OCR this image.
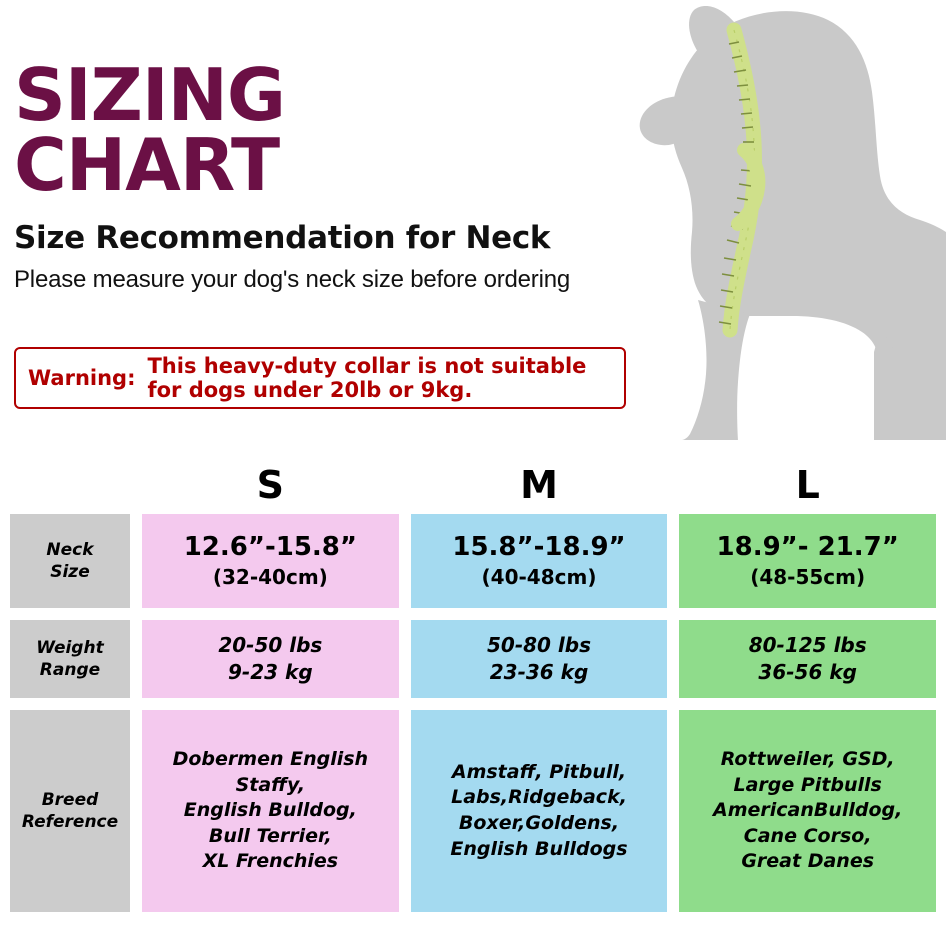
SIZING
CHART
Size Recommendation for Neck
Please measure your dog's neck size before ordering
Warning:
This heavy-duty collar is not suitable
for dogs under 20lb or 9kg.
S	M	L
Neck
Size
12.6”-15.8”
(32-40cm)
15.8”-18.9”
(40-48cm)
18.9”- 21.7”
(48-55cm)
Weight
Range
20-50 lbs
9-23 kg
50-80 lbs
23-36 kg
80-125 lbs
36-56 kg
Breed
Reference
Dobermen English
Staffy,
English Bulldog,
Bull Terrier,
XL Frenchies
Amstaff, Pitbull,
Labs,Ridgeback,
Boxer,Goldens,
English Bulldogs
Rottweiler, GSD,
Large Pitbulls
AmericanBulldog,
Cane Corso,
Great Danes
